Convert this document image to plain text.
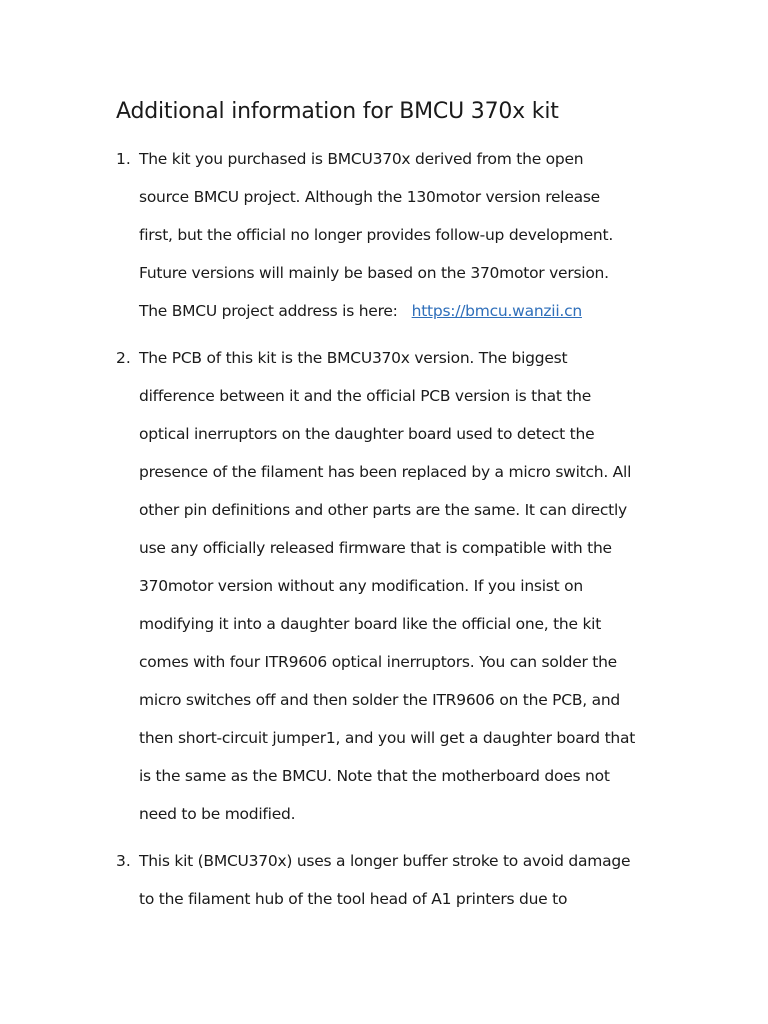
Additional information for BMCU 370x kit
1. The kit you purchased is BMCU370x derived from the open
source BMCU project. Although the 130motor version release
first, but the official no longer provides follow-up development.
Future versions will mainly be based on the 370motor version.
The BMCU project address is here: https://bmcu.wanzii.cn
2. The PCB of this kit is the BMCU370x version. The biggest
difference between it and the official PCB version is that the
optical inerruptors on the daughter board used to detect the
presence of the filament has been replaced by a micro switch. All
other pin definitions and other parts are the same. It can directly
use any officially released firmware that is compatible with the
370motor version without any modification. If you insist on
modifying it into a daughter board like the official one, the kit
comes with four ITR9606 optical inerruptors. You can solder the
micro switches off and then solder the ITR9606 on the PCB, and
then short-circuit jumper1, and you will get a daughter board that
is the same as the BMCU. Note that the motherboard does not
need to be modified.
3. This kit (BMCU370x) uses a longer buffer stroke to avoid damage
to the filament hub of the tool head of A1 printers due to
